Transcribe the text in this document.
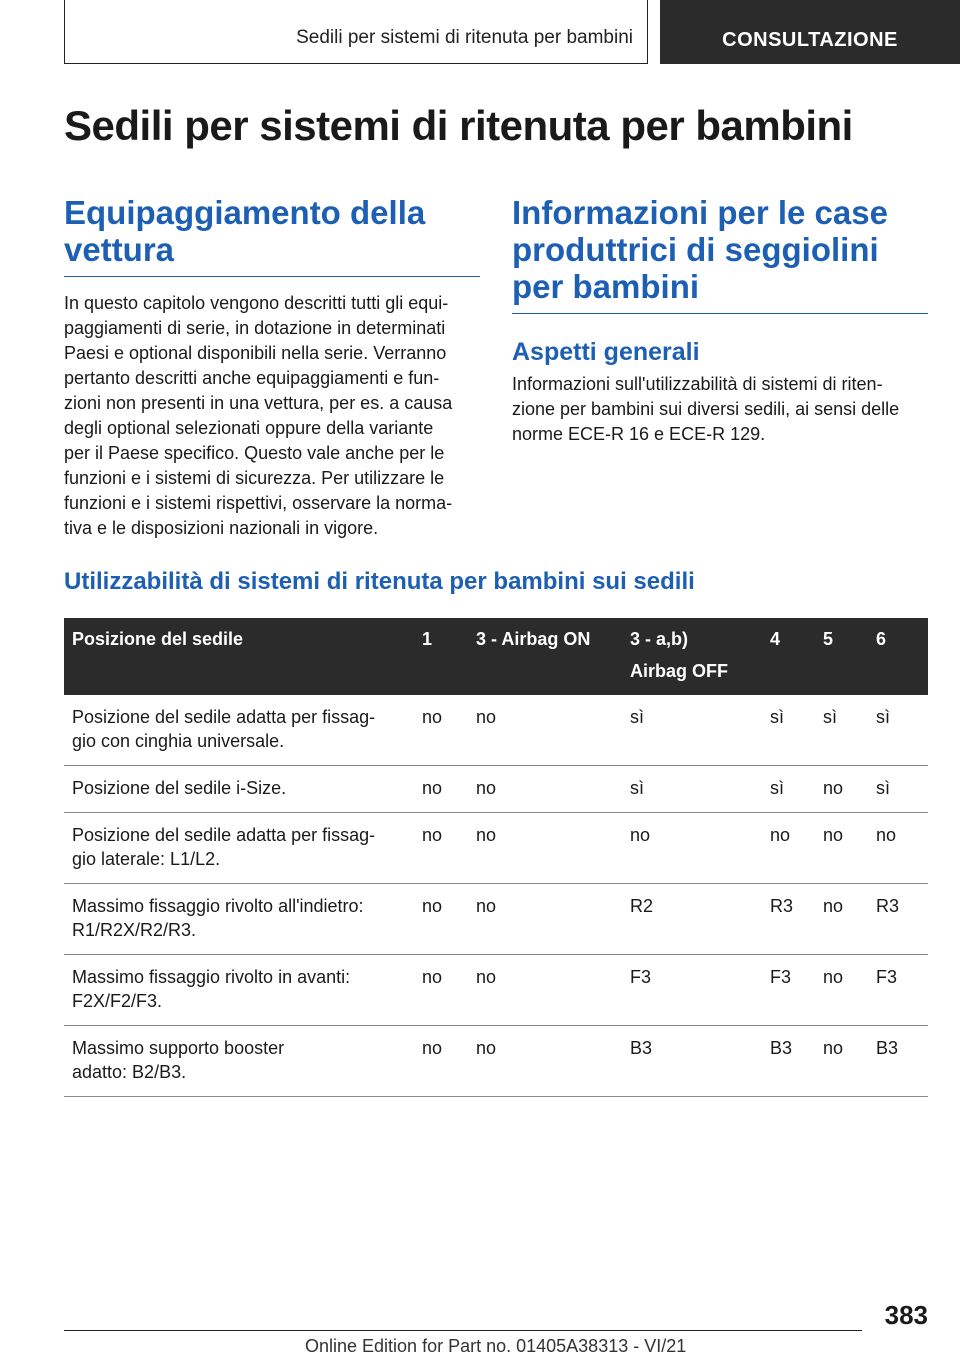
Sedili per sistemi di ritenuta per bambini	CONSULTAZIONE
Sedili per sistemi di ritenuta per bambini
Equipaggiamento della vettura

In questo capitolo vengono descritti tutti gli equi-
paggiamenti di serie, in dotazione in determinati
Paesi e optional disponibili nella serie. Verranno
pertanto descritti anche equipaggiamenti e fun-
zioni non presenti in una vettura, per es. a causa
degli optional selezionati oppure della variante
per il Paese specifico. Questo vale anche per le
funzioni e i sistemi di sicurezza. Per utilizzare le
funzioni e i sistemi rispettivi, osservare la norma-
tiva e le disposizioni nazionali in vigore.

Informazioni per le case produttrici di seggiolini per bambini
Aspetti generali

Informazioni sull'utilizzabilità di sistemi di riten-
zione per bambini sui diversi sedili, ai sensi delle
norme ECE-R 16 e ECE-R 129.

Utilizzabilità di sistemi di ritenuta per bambini sui sedili
Posizione del sedile	1	3 - Airbag ON	3 - a,b)
Airbag OFF	4	5	6
Posizione del sedile adatta per fissag-
gio con cinghia universale.	no	no	sì	sì	sì	sì
Posizione del sedile i-Size.	no	no	sì	sì	no	sì
Posizione del sedile adatta per fissag-
gio laterale: L1/L2.	no	no	no	no	no	no
Massimo fissaggio rivolto all'indietro:
R1/R2X/R2/R3.	no	no	R2	R3	no	R3
Massimo fissaggio rivolto in avanti:
F2X/F2/F3.	no	no	F3	F3	no	F3
Massimo supporto booster
adatto: B2/B3.	no	no	B3	B3	no	B3
383
Online Edition for Part no. 01405A38313 - VI/21
